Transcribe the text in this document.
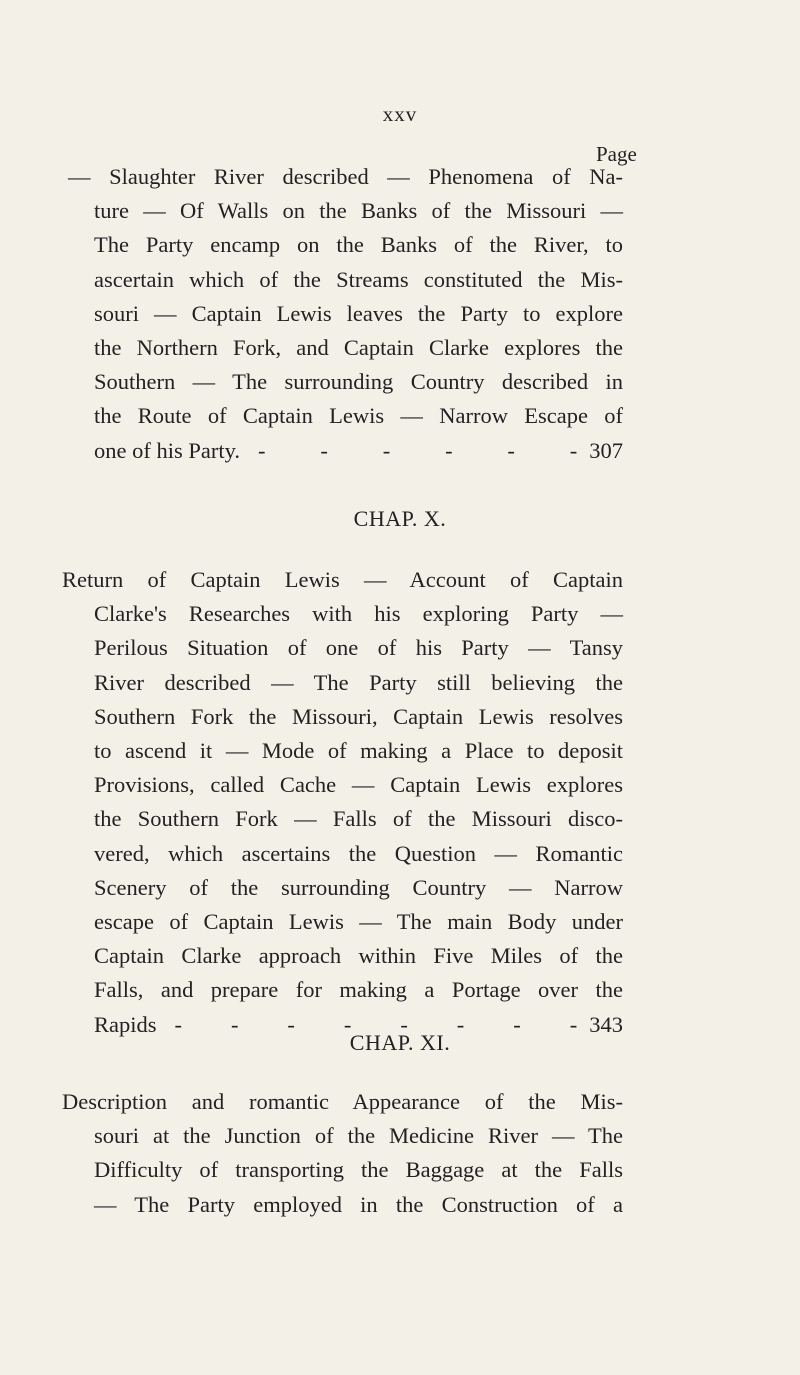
xxv
Page
— Slaughter River described — Phenomena of Na-
ture — Of Walls on the Banks of the Missouri —
The Party encamp on the Banks of the River, to
ascertain which of the Streams constituted the Mis-
souri — Captain Lewis leaves the Party to explore
the Northern Fork, and Captain Clarke explores the
Southern — The surrounding Country described in
the Route of Captain Lewis — Narrow Escape of
one of his Party. - - - - - - 307
CHAP. X.
Return of Captain Lewis — Account of Captain
Clarke's Researches with his exploring Party —
Perilous Situation of one of his Party — Tansy
River described — The Party still believing the
Southern Fork the Missouri, Captain Lewis resolves
to ascend it — Mode of making a Place to deposit
Provisions, called Cache — Captain Lewis explores
the Southern Fork — Falls of the Missouri disco-
vered, which ascertains the Question — Romantic
Scenery of the surrounding Country — Narrow
escape of Captain Lewis — The main Body under
Captain Clarke approach within Five Miles of the
Falls, and prepare for making a Portage over the
Rapids - - - - - - - - 343
CHAP. XI.
Description and romantic Appearance of the Mis-
souri at the Junction of the Medicine River — The
Difficulty of transporting the Baggage at the Falls
— The Party employed in the Construction of a
